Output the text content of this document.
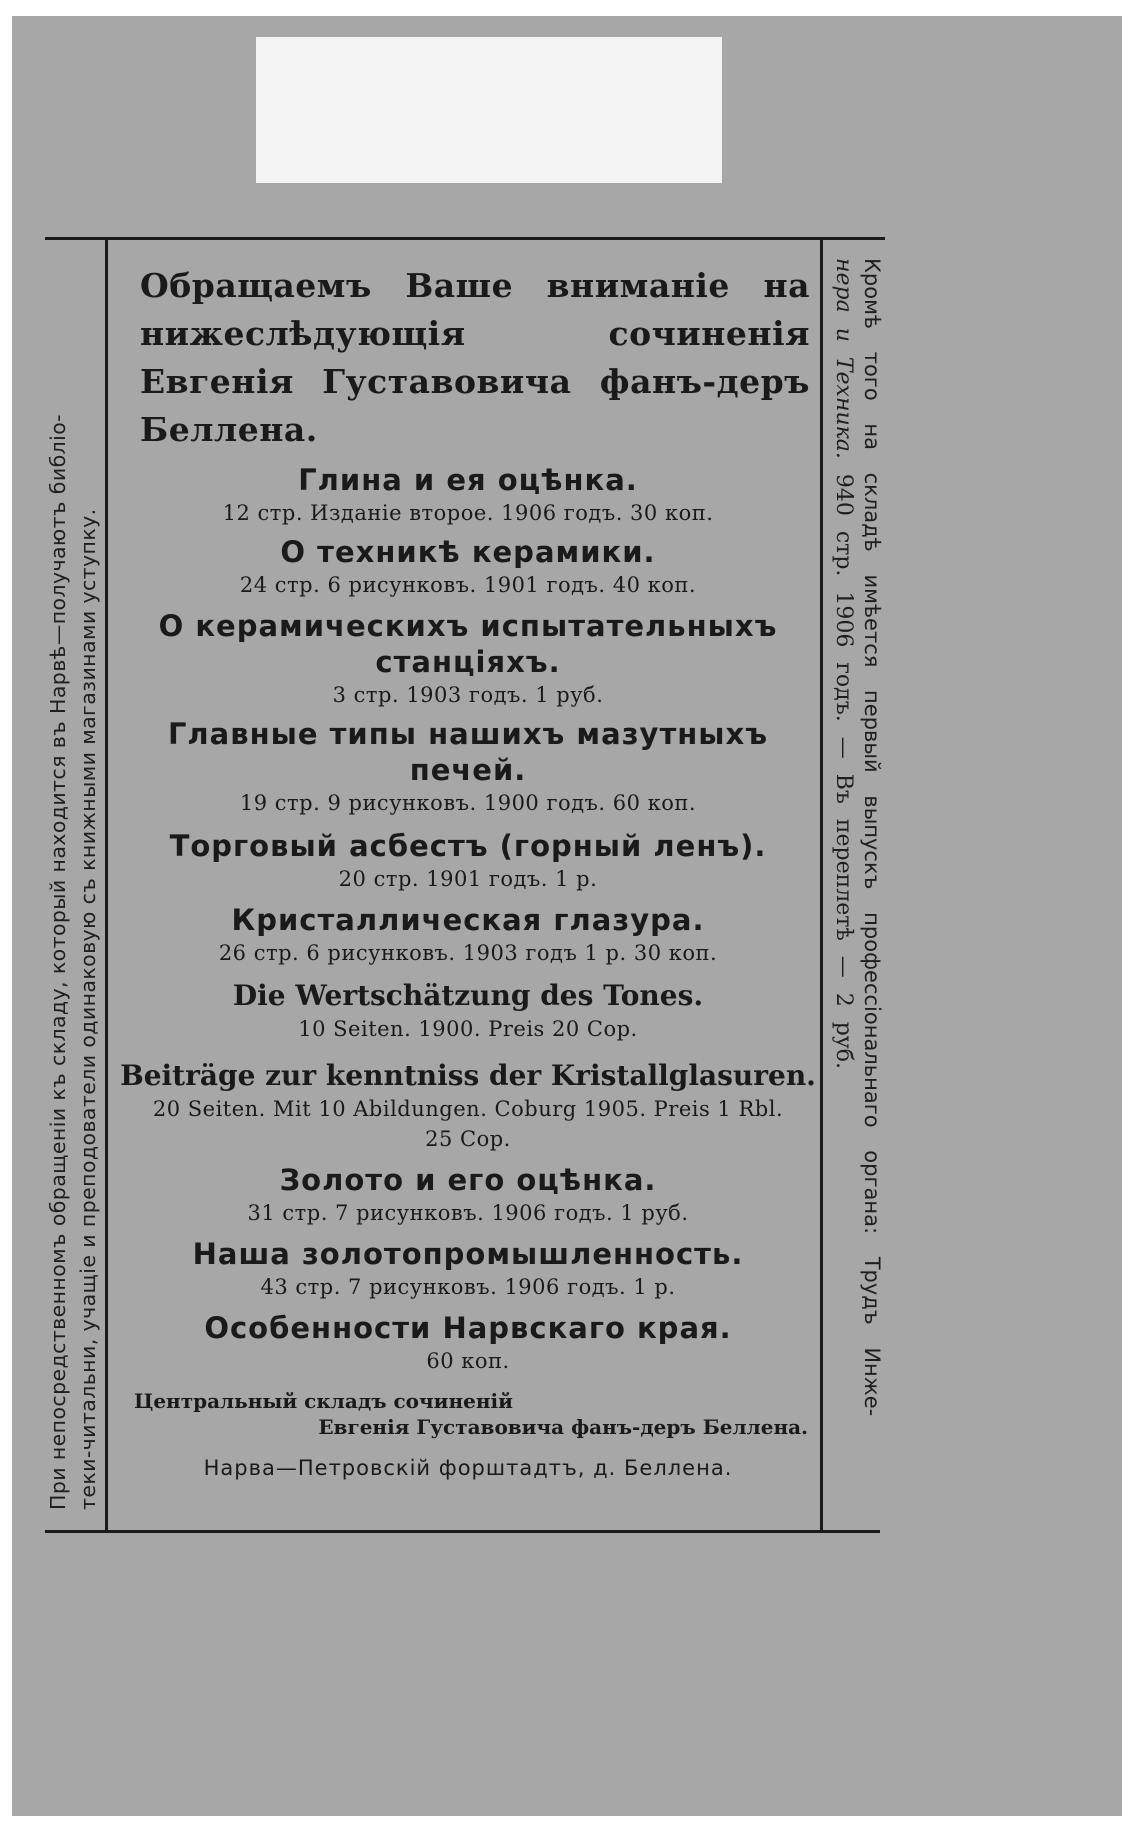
При непосредственномъ обращеніи къ складу, который находится въ Нарвѣ—получаютъ библіо- теки-читальни, учащіе и преподователи одинаковую съ книжными магазинами уступку.	Кромѣ того на складѣ имѣется первый выпускъ профессіональнаго органа: Трудъ Инже-

нера и Техника. 940 стр. 1906 годъ. — Въ переплетѣ — 2 руб.

Обращаемъ Ваше вниманіе на нижеслѣдующія сочиненія Евгенія Густавовича фанъ-деръ Беллена.

Глина и ея оцѣнка.

12 стр. Изданіе второе. 1906 годъ. 30 коп.

О техникѣ керамики.

24 стр. 6 рисунковъ. 1901 годъ. 40 коп.

О керамическихъ испытательныхъ станціяхъ.

3 стр. 1903 годъ. 1 руб.

Главные типы нашихъ мазутныхъ печей.

19 стр. 9 рисунковъ. 1900 годъ. 60 коп.

Торговый асбестъ (горный ленъ).

20 стр. 1901 годъ. 1 р.

Кристаллическая глазура.

26 стр. 6 рисунковъ. 1903 годъ 1 р. 30 коп.

Die Wertschätzung des Tones.

10 Seiten. 1900. Preis 20 Cop.

Beiträge zur kenntniss der Kristallglasuren.

20 Seiten. Mit 10 Abildungen. Coburg 1905. Preis 1 Rbl. 25 Cop.

Золото и его оцѣнка.

31 стр. 7 рисунковъ. 1906 годъ. 1 руб.

Наша золотопромышленность.

43 стр. 7 рисунковъ. 1906 годъ. 1 р.

Особенности Нарвскаго края.

60 коп.

Центральный складъ сочиненій

Евгенія Густавовича фанъ-деръ Беллена.

Нарва—Петровскій форштадтъ, д. Беллена.
